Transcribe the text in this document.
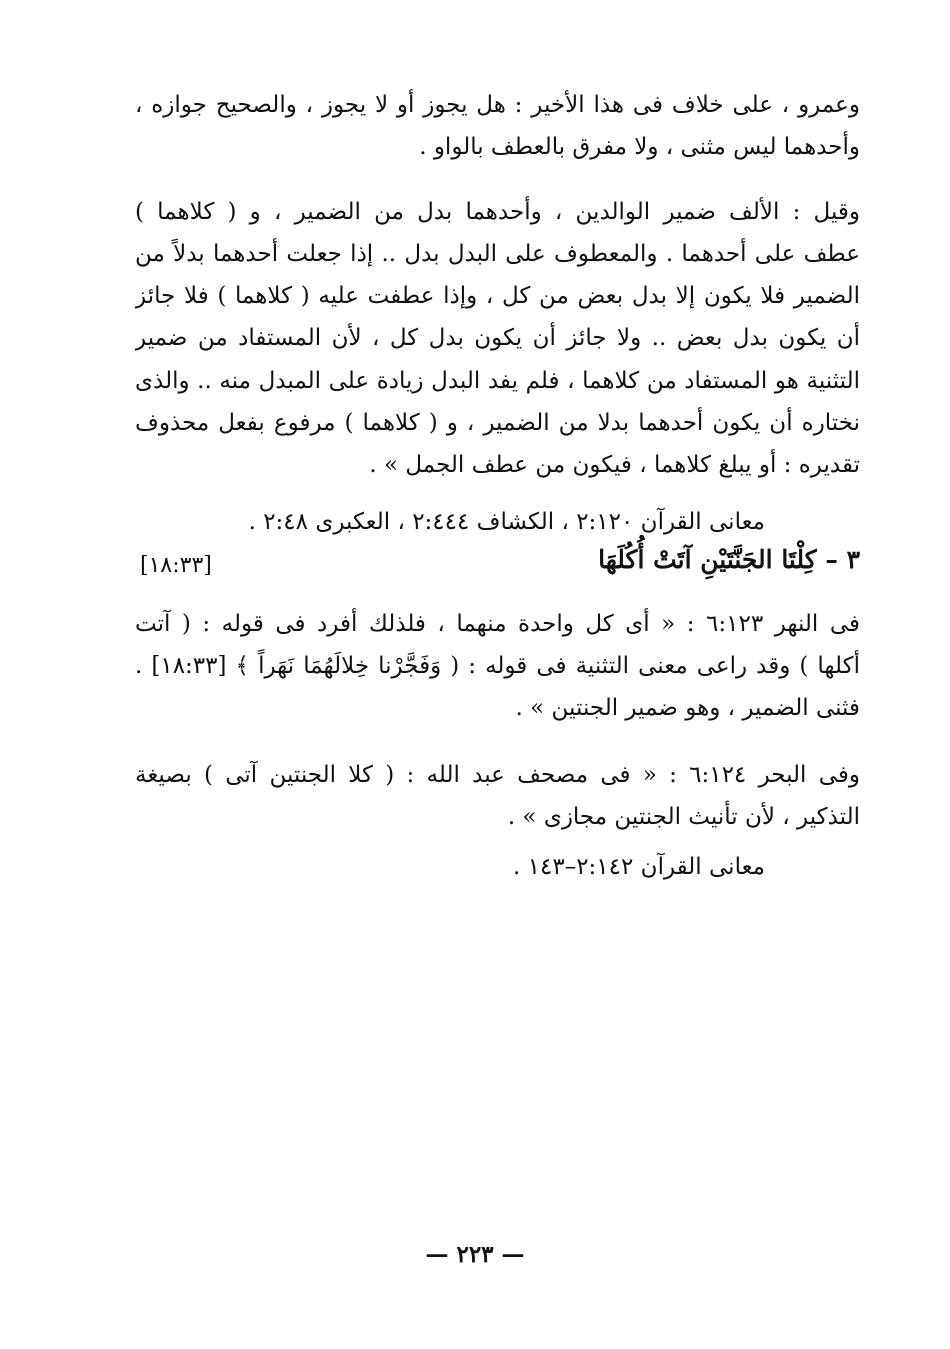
وعمرو ، على خلاف فى هذا الأخير : هل يجوز أو لا يجوز ، والصحيح جوازه ،
وأحدهما ليس مثنى ، ولا مفرق بالعطف بالواو .
وقيل : الألف ضمير الوالدين ، وأحدهما بدل من الضمير ، و ( كلاهما )
عطف على أحدهما . والمعطوف على البدل بدل .. إذا جعلت أحدهما بدلاً من
الضمير فلا يكون إلا بدل بعض من كل ، وإذا عطفت عليه ( كلاهما ) فلا جائز
أن يكون بدل بعض .. ولا جائز أن يكون بدل كل ، لأن المستفاد من ضمير
التثنية هو المستفاد من كلاهما ، فلم يفد البدل زيادة على المبدل منه .. والذى
نختاره أن يكون أحدهما بدلا من الضمير ، و ( كلاهما ) مرفوع بفعل محذوف
تقديره : أو يبلغ كلاهما ، فيكون من عطف الجمل » .
معانى القرآن ٢:١٢٠ ، الكشاف ٢:٤٤٤ ، العكبرى ٢:٤٨ .
٣ – كِلْتَا الجَنَّتَيْنِ آتَتْ أُكُلَهَا
[١٨:٣٣]
فى النهر ٦:١٢٣ : « أى كل واحدة منهما ، فلذلك أفرد فى قوله : ( آتت
أكلها ) وقد راعى معنى التثنية فى قوله : ( وَفَجَّرْنا خِلالَهُمَا نَهَراً ﴾ [١٨:٣٣] .
فثنى الضمير ، وهو ضمير الجنتين » .
وفى البحر ٦:١٢٤ : « فى مصحف عبد الله : ( كلا الجنتين آتى ) بصيغة
التذكير ، لأن تأنيث الجنتين مجازى » .
معانى القرآن ٢:١٤٢–١٤٣ .
— ٢٢٣ —
